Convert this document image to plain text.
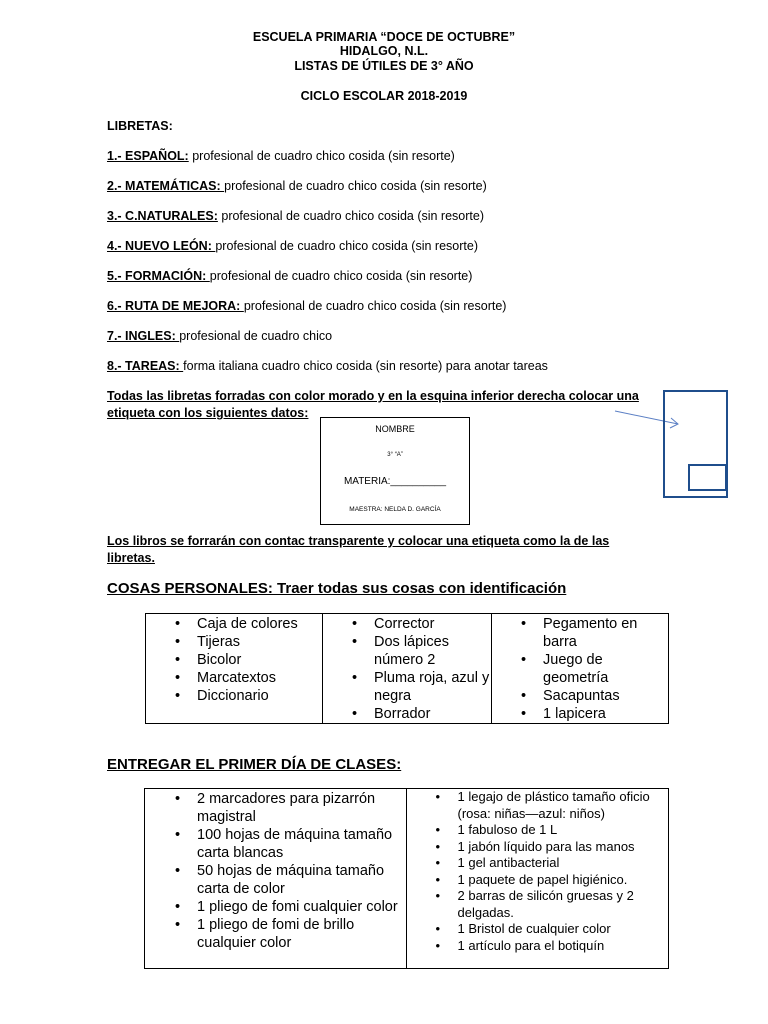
ESCUELA PRIMARIA “DOCE DE OCTUBRE”
HIDALGO, N.L.
LISTAS DE ÚTILES DE 3° AÑO
CICLO ESCOLAR 2018-2019
LIBRETAS:
1.- ESPAÑOL: profesional de cuadro chico cosida (sin resorte)
2.- MATEMÁTICAS: profesional de cuadro chico cosida (sin resorte)
3.- C.NATURALES: profesional de cuadro chico cosida (sin resorte)
4.- NUEVO LEÓN: profesional de cuadro chico cosida (sin resorte)
5.- FORMACIÓN: profesional de cuadro chico cosida (sin resorte)
6.- RUTA DE MEJORA: profesional de cuadro chico cosida (sin resorte)
7.- INGLES: profesional de cuadro chico
8.- TAREAS: forma italiana cuadro chico cosida (sin resorte) para anotar tareas
Todas las libretas forradas con color morado y en la esquina inferior derecha colocar una
etiqueta con los siguientes datos:
NOMBRE
3° “A”
MATERIA:__________
MAESTRA: NELDA D. GARCÍA
Los libros se forrarán con contac transparente y colocar una etiqueta como la de las
libretas.
COSAS PERSONALES: Traer todas sus cosas con identificación
• Caja de colores
• Tijeras
• Bicolor
• Marcatextos
• Diccionario

• Corrector
• Dos lápices número 2
• Pluma roja, azul y negra
• Borrador

• Pegamento en barra
• Juego de geometría
• Sacapuntas
• 1 lapicera
ENTREGAR EL PRIMER DÍA DE CLASES:
• 2 marcadores para pizarrón magistral
• 100 hojas de máquina tamaño carta blancas
• 50 hojas de máquina tamaño carta de color
• 1 pliego de fomi cualquier color
• 1 pliego de fomi de brillo cualquier color

• 1 legajo de plástico tamaño oficio (rosa: niñas—azul: niños)
• 1 fabuloso de 1 L
• 1 jabón líquido para las manos
• 1 gel antibacterial
• 1 paquete de papel higiénico.
• 2 barras de silicón gruesas y 2 delgadas.
• 1 Bristol de cualquier color
• 1 artículo para el botiquín
